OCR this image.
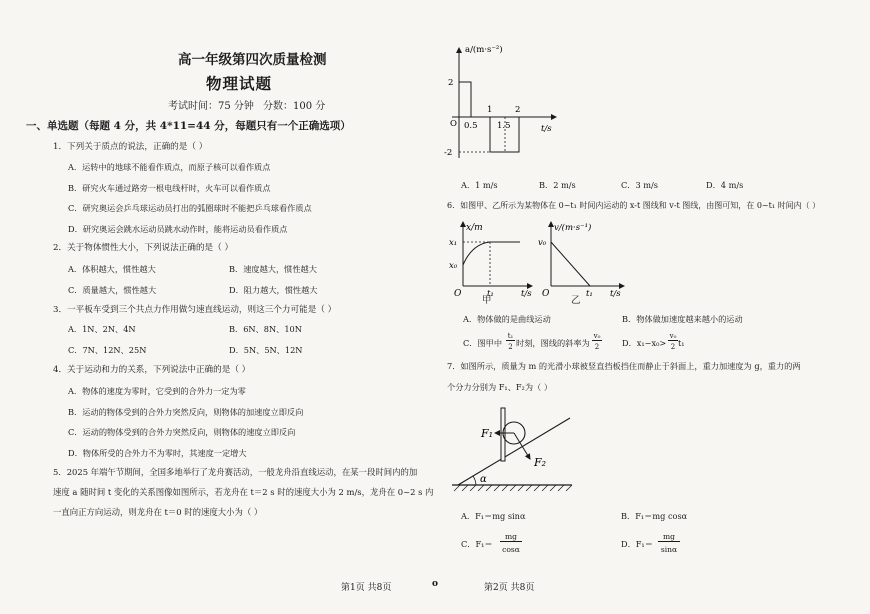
高一年级第四次质量检测
物理试题
考试时间：75 分钟 分数：100 分
一、单选题（每题 4 分，共 4*11=44 分，每题只有一个正确选项）
1．下列关于质点的说法，正确的是（ ）
A．运转中的地球不能看作质点，而原子核可以看作质点
B．研究火车通过路旁一根电线杆时，火车可以看作质点
C．研究奥运会乒乓球运动员打出的弧圈球时不能把乒乓球看作质点
D．研究奥运会跳水运动员跳水动作时，能将运动员看作质点
2．关于物体惯性大小，下列说法正确的是（ ）
A．体积越大，惯性越大	B．速度越大，惯性越大
C．质量越大，惯性越大	D．阻力越大，惯性越大
3．一平板车受到三个共点力作用做匀速直线运动，则这三个力可能是（ ）
A．1N、2N、4N	B．6N、8N、10N
C．7N、12N、25N	D．5N、5N、12N
4．关于运动和力的关系，下列说法中正确的是（ ）
A．物体的速度为零时，它受到的合外力一定为零
B．运动的物体受到的合外力突然反向，则物体的加速度立即反向
C．运动的物体受到的合外力突然反向，则物体的速度立即反向
D．物体所受的合外力不为零时，其速度一定增大
5．2025 年端午节期间，全国多地举行了龙舟赛活动，一般龙舟沿直线运动，在某一段时间内的加
速度 a 随时间 t 变化的关系图像如图所示，若龙舟在 t＝2 s 时的速度大小为 2 m/s，龙舟在 0~2 s 内
一直向正方向运动，则龙舟在 t＝0 时的速度大小为（ ）
a/(m·s⁻²)
2
-2
O 0.5
1
1.5
2
t/s
A．1 m/s	B．2 m/s	C．3 m/s	D．4 m/s
6．如图甲、乙所示为某物体在 0~t₁ 时间内运动的 x-t 图线和 v-t 图线，由图可知，在 0~t₁ 时间内（ ）
x/m
x₁
x₀
O	t₁	t/s
甲
v/(m·s⁻¹)
v₀
O	t₁ t/s
乙
A．物体做的是曲线运动	B．物体做加速度越来越小的运动
C．图甲中
t₁
2 时刻，图线的斜率为
v₀
2	D．x₁−x₀>
v₀
2 t₁
7．如图所示，质量为 m 的光滑小球被竖直挡板挡住而静止于斜面上，重力加速度为 g，重力的两
个分力分别为 F₁、F₂为（ ）
F₁
F₂
α
A．F₁＝mg sinα	B．F₁＝mg cosα
C．F₁＝
mg
cosα
D．F₁＝
mg
sinα
第1页 共8页	o	第2页 共8页
